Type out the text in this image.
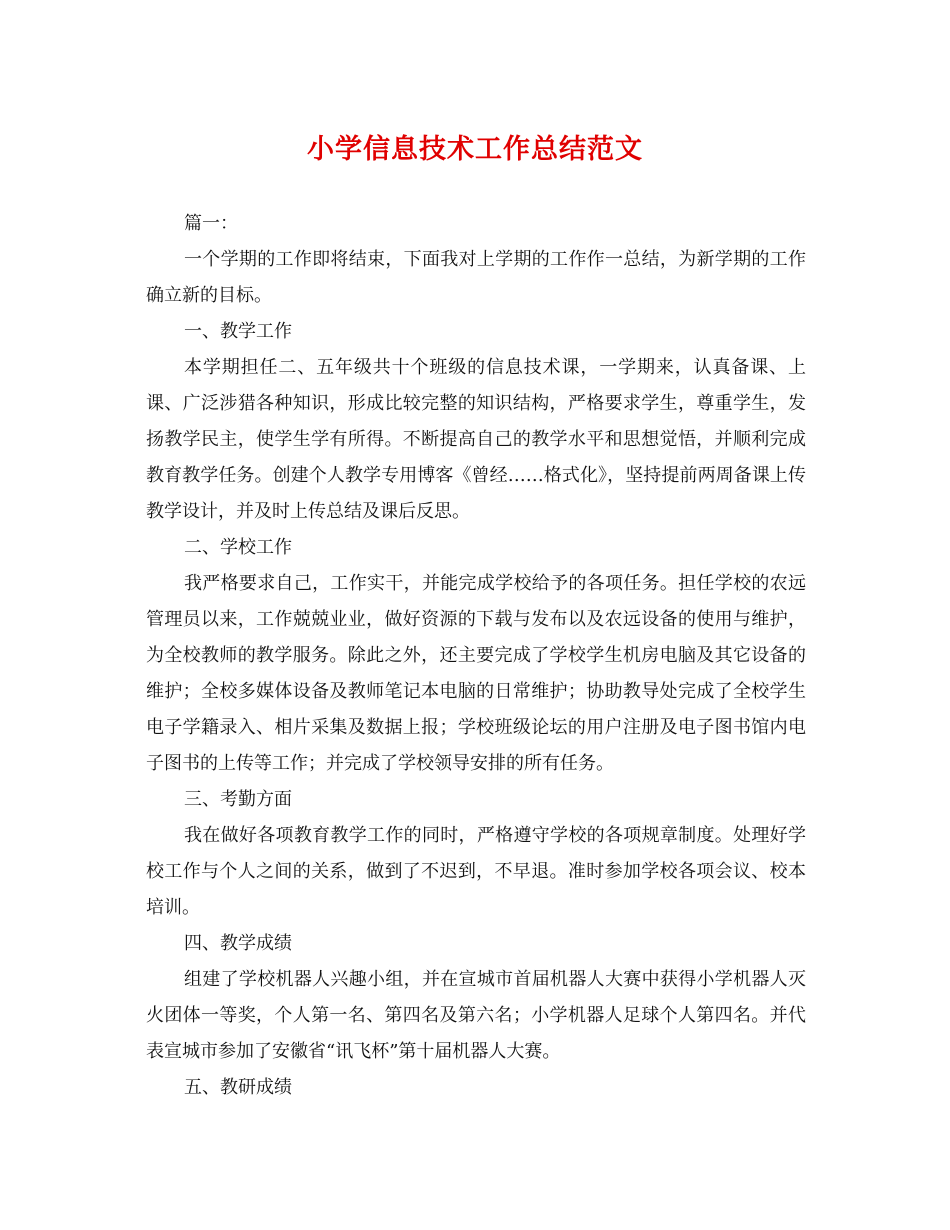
小学信息技术工作总结范文

篇一：

一个学期的工作即将结束，下面我对上学期的工作作一总结，为新学期的工作确立新的目标。

一、教学工作

本学期担任二、五年级共十个班级的信息技术课，一学期来，认真备课、上课、广泛涉猎各种知识，形成比较完整的知识结构，严格要求学生，尊重学生，发扬教学民主，使学生学有所得。不断提高自己的教学水平和思想觉悟，并顺利完成教育教学任务。创建个人教学专用博客《曾经……格式化》，坚持提前两周备课上传教学设计，并及时上传总结及课后反思。

二、学校工作

我严格要求自己，工作实干，并能完成学校给予的各项任务。担任学校的农远管理员以来，工作兢兢业业，做好资源的下载与发布以及农远设备的使用与维护，为全校教师的教学服务。除此之外，还主要完成了学校学生机房电脑及其它设备的维护；全校多媒体设备及教师笔记本电脑的日常维护；协助教导处完成了全校学生电子学籍录入、相片采集及数据上报；学校班级论坛的用户注册及电子图书馆内电子图书的上传等工作；并完成了学校领导安排的所有任务。

三、考勤方面

我在做好各项教育教学工作的同时，严格遵守学校的各项规章制度。处理好学校工作与个人之间的关系，做到了不迟到，不早退。准时参加学校各项会议、校本培训。

四、教学成绩

组建了学校机器人兴趣小组，并在宣城市首届机器人大赛中获得小学机器人灭火团体一等奖，个人第一名、第四名及第六名；小学机器人足球个人第四名。并代表宣城市参加了安徽省“讯飞杯”第十届机器人大赛。

五、教研成绩
